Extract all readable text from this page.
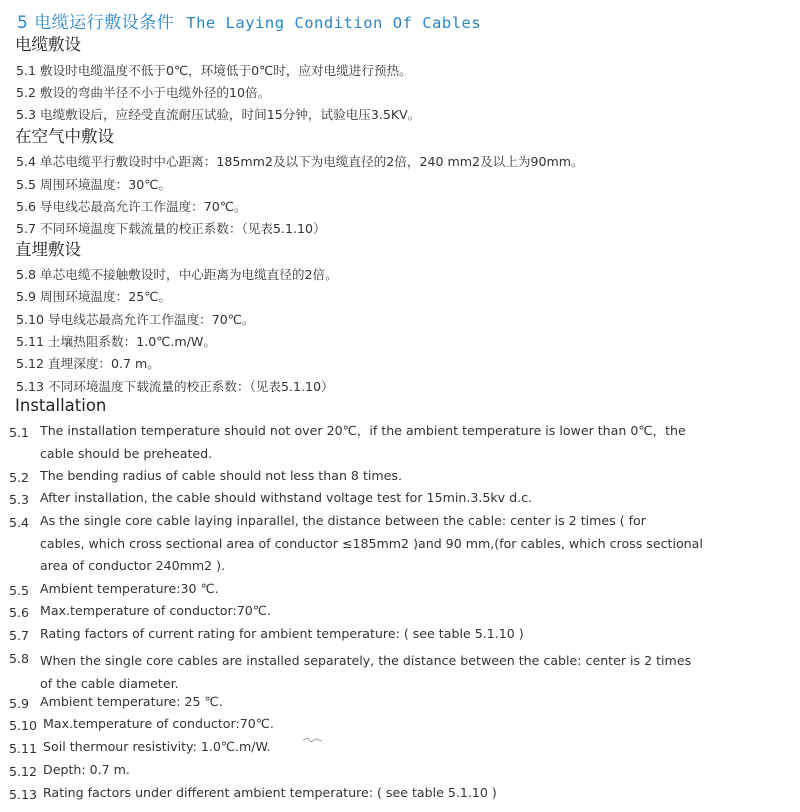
5 电缆运行敷设条件 The Laying Condition Of Cables
电缆敷设
5.1 敷设时电缆温度不低于0℃，环境低于0℃时，应对电缆进行预热。
5.2 敷设的弯曲半径不小于电缆外径的10倍。
5.3 电缆敷设后，应经受直流耐压试验，时间15分钟，试验电压3.5KV。
在空气中敷设
5.4 单芯电缆平行敷设时中心距离：185mm2及以下为电缆直径的2倍，240 mm2及以上为90mm。
5.5 周围环境温度：30℃。
5.6 导电线芯最高允许工作温度：70℃。
5.7 不同环境温度下载流量的校正系数：（见表5.1.10）
直埋敷设
5.8 单芯电缆不接触敷设时，中心距离为电缆直径的2倍。
5.9 周围环境温度：25℃。
5.10 导电线芯最高允许工作温度：70℃。
5.11 土壤热阻系数：1.0℃.m/W。
5.12 直埋深度：0.7 m。
5.13 不同环境温度下载流量的校正系数：（见表5.1.10）
Installation
5.1 The installation temperature should not over 20℃，if the ambient temperature is lower than 0℃，the
cable should be preheated.
5.2 The bending radius of cable should not less than 8 times.
5.3 After installation, the cable should withstand voltage test for 15min.3.5kv d.c.
5.4 As the single core cable laying inparallel, the distance between the cable: center is 2 times ( for
cables, which cross sectional area of conductor ≤185mm2 )and 90 mm,(for cables, which cross sectional
area of conductor 240mm2 ).
5.5 Ambient temperature:30 ℃.
5.6 Max.temperature of conductor:70℃.
5.7 Rating factors of current rating for ambient temperature: ( see table 5.1.10 )
5.8 When the single core cables are installed separately, the distance between the cable: center is 2 times
of the cable diameter.
5.9 Ambient temperature: 25 ℃.
5.10 Max.temperature of conductor:70℃.
5.11 Soil thermour resistivity: 1.0℃.m/W.
5.12 Depth: 0.7 m.
5.13 Rating factors under different ambient temperature: ( see table 5.1.10 )
